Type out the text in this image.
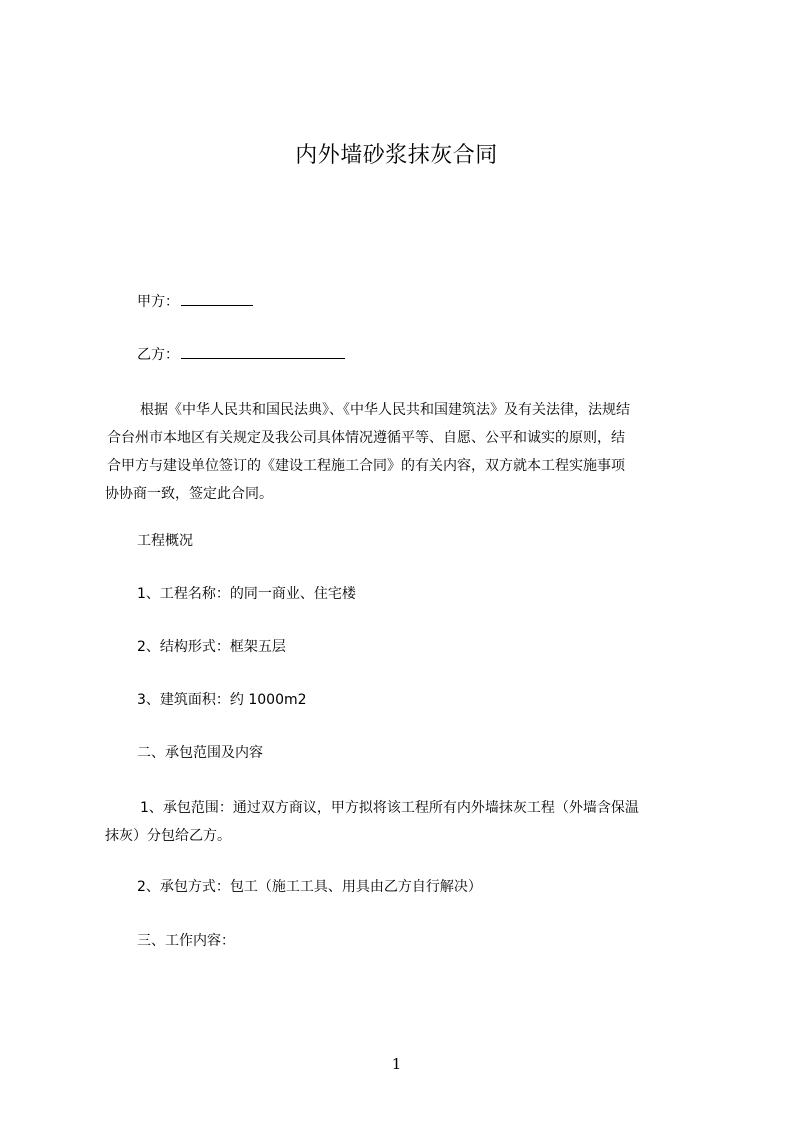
内外墙砂浆抹灰合同
甲方：
乙方：
根据《中华人民共和国民法典》、《中华人民共和国建筑法》及有关法律，法规结
合台州市本地区有关规定及我公司具体情况遵循平等、自愿、公平和诚实的原则，结
合甲方与建设单位签订的《建设工程施工合同》的有关内容，双方就本工程实施事项
协协商一致，签定此合同。
工程概况
1、工程名称：的同一商业、住宅楼
2、结构形式：框架五层
3、建筑面积：约 1000m2
二、承包范围及内容
1、承包范围：通过双方商议，甲方拟将该工程所有内外墙抹灰工程（外墙含保温
抹灰）分包给乙方。
2、承包方式：包工（施工工具、用具由乙方自行解决）
三、工作内容：
1
